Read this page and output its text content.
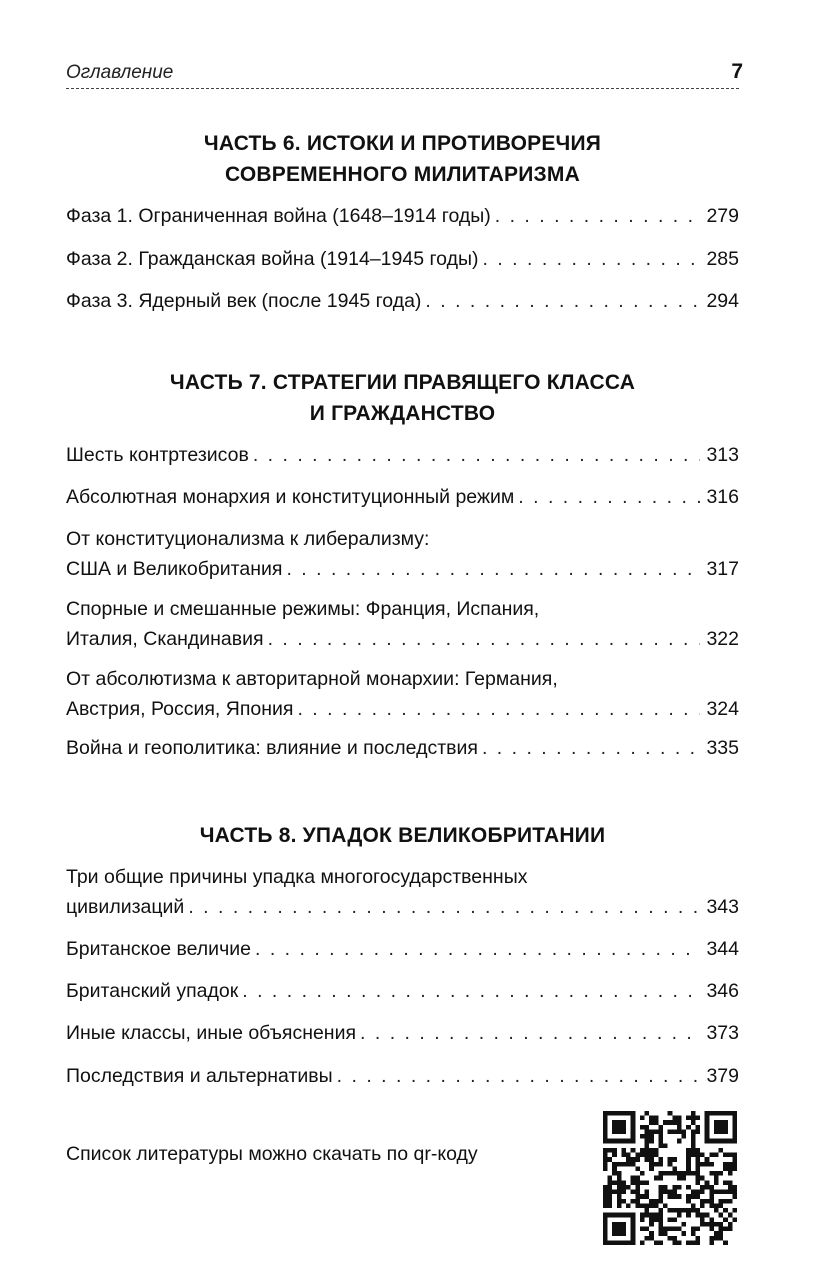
Оглавление	7
ЧАСТЬ 6. ИСТОКИ И ПРОТИВОРЕЧИЯ
СОВРЕМЕННОГО МИЛИТАРИЗМА
Фаза 1. Ограниченная война (1648–1914 годы) . . .	279
Фаза 2. Гражданская война (1914–1945 годы) . . .	285
Фаза 3. Ядерный век (после 1945 года) . . .	294
ЧАСТЬ 7. СТРАТЕГИИ ПРАВЯЩЕГО КЛАССА
И ГРАЖДАНСТВО
Шесть контртезисов . . .	313
Абсолютная монархия и конституционный режим . . .	316
От конституционализма к либерализму:
США и Великобритания . . .	317
Спорные и смешанные режимы: Франция, Испания,
Италия, Скандинавия . . .	322
От абсолютизма к авторитарной монархии: Германия,
Австрия, Россия, Япония . . .	324
Война и геополитика: влияние и последствия . . .	335
ЧАСТЬ 8. УПАДОК ВЕЛИКОБРИТАНИИ
Три общие причины упадка многогосударственных
цивилизаций . . .	343
Британское величие . . .	344
Британский упадок . . .	346
Иные классы, иные объяснения . . .	373
Последствия и альтернативы . . .	379
Список литературы можно скачать по qr-коду
